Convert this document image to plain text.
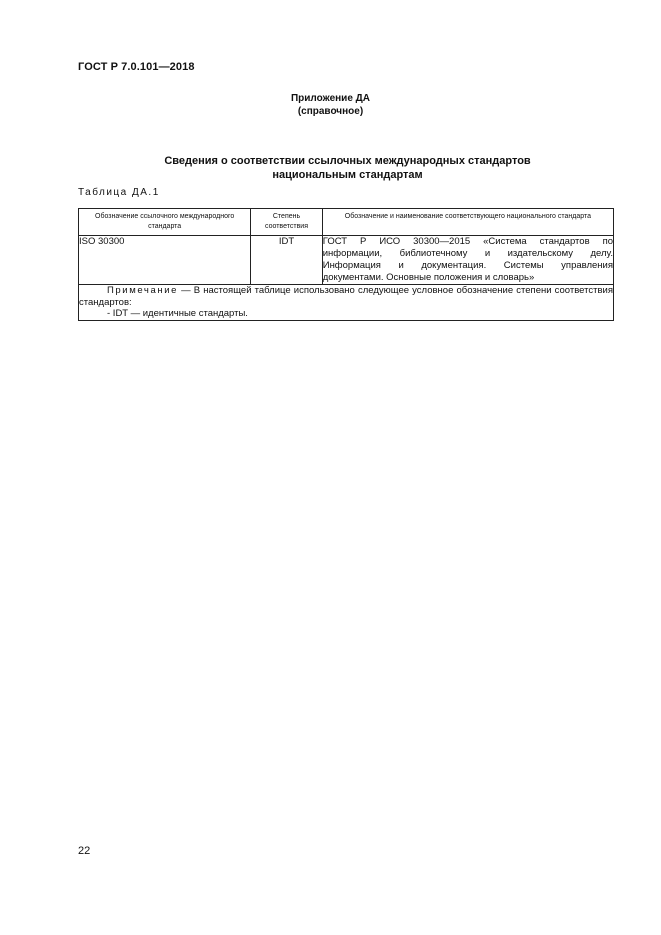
ГОСТ Р 7.0.101—2018
Приложение ДА
(справочное)
Сведения о соответствии ссылочных международных стандартов
национальным стандартам
Таблица ДА.1
Обозначение ссылочного международного стандарта	Степень соответствия	Обозначение и наименование соответствующего национального стандарта
ISO 30300	IDT	ГОСТ Р ИСО 30300—2015 «Система стандартов по информации, библиотечному и издательскому делу. Информация и документация. Системы управления документами. Основные положения и словарь»

Примечание — В настоящей таблице использовано следующее условное обозначение степени соответствия стандартов:
- IDT — идентичные стандарты.		
22
